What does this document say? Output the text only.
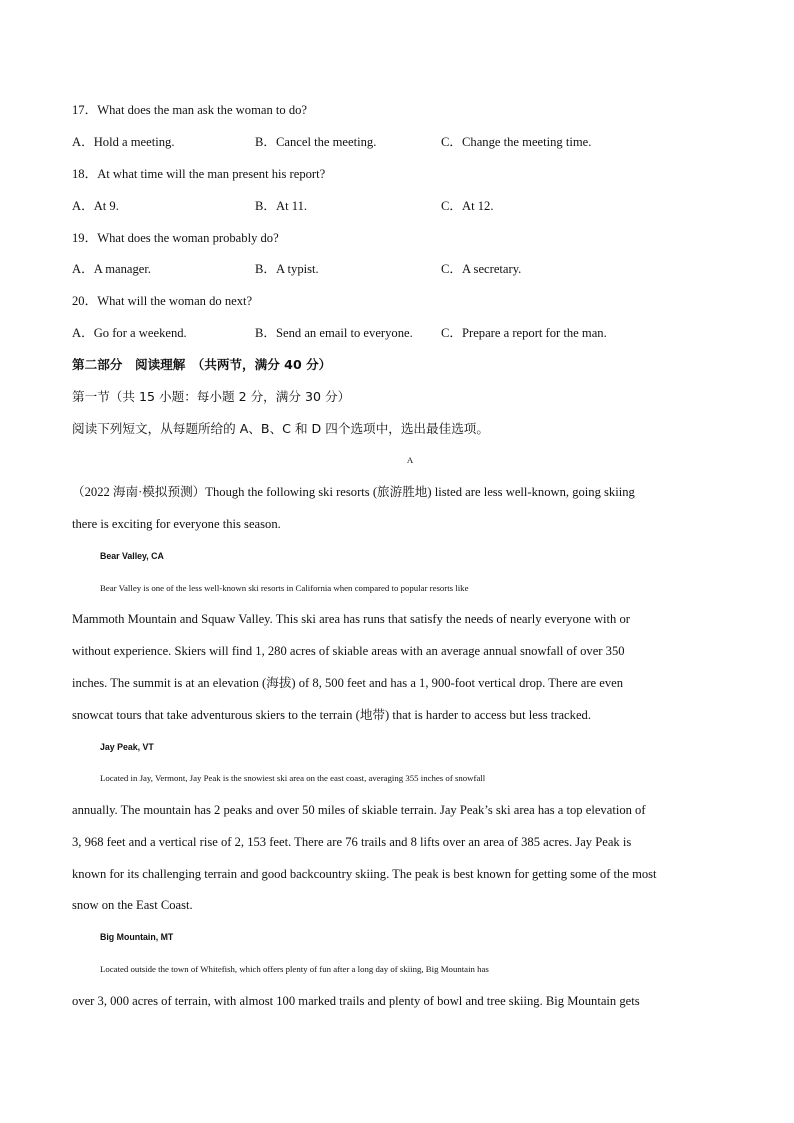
17．What does the man ask the woman to do?
A．Hold a meeting.	B．Cancel the meeting.	C．Change the meeting time.
18．At what time will the man present his report?
A．At 9.	B．At 11.	C．At 12.
19．What does the woman probably do?
A．A manager.	B．A typist.	C．A secretary.
20．What will the woman do next?
A．Go for a weekend.	B．Send an email to everyone. C．Prepare a report for the man.
第二部分　阅读理解　（共两节，满分 40 分）
第一节（共 15 小题：每小题 2 分，满分 30 分）
阅读下列短文，从每题所给的 A、B、C 和 D 四个选项中，选出最佳选项。
A
（2022 海南·模拟预测）Though the following ski resorts (旅游胜地) listed are less well-known, going skiing
there is exciting for everyone this season.
Bear Valley, CA
Bear Valley is one of the less well-known ski resorts in California when compared to popular resorts like
Mammoth Mountain and Squaw Valley. This ski area has runs that satisfy the needs of nearly everyone with or
without experience. Skiers will find 1, 280 acres of skiable areas with an average annual snowfall of over 350
inches. The summit is at an elevation (海拔) of 8, 500 feet and has a 1, 900-foot vertical drop. There are even
snowcat tours that take adventurous skiers to the terrain (地带) that is harder to access but less tracked.
Jay Peak, VT
Located in Jay, Vermont, Jay Peak is the snowiest ski area on the east coast, averaging 355 inches of snowfall
annually. The mountain has 2 peaks and over 50 miles of skiable terrain. Jay Peak’s ski area has a top elevation of
3, 968 feet and a vertical rise of 2, 153 feet. There are 76 trails and 8 lifts over an area of 385 acres. Jay Peak is
known for its challenging terrain and good backcountry skiing. The peak is best known for getting some of the most
snow on the East Coast.
Big Mountain, MT
Located outside the town of Whitefish, which offers plenty of fun after a long day of skiing, Big Mountain has
over 3, 000 acres of terrain, with almost 100 marked trails and plenty of bowl and tree skiing. Big Mountain gets
